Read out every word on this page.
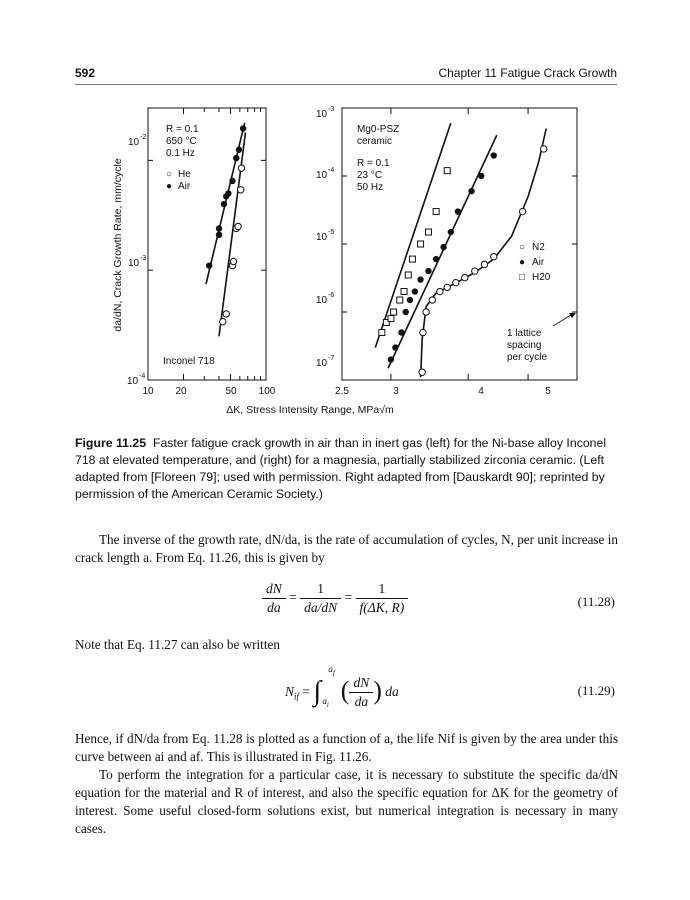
592	Chapter 11 Fatigue Crack Growth
da/dN, Crack Growth Rate, mm/cycle
10 -2
10 -3
10 -4
10 20	50 100
R = 0.1
650 °C
0.1 Hz
○ He
● Air
Inconel 718
10 -3
10 -4
10 -5
10 -6
10 -7
2.5	3	4	5
Mg0-PSZ
ceramic
R = 0.1
23 °C
50 Hz
○ N2
● Air
□ H20
1 lattice
spacing
per cycle
ΔK, Stress Intensity Range, MPa√m
Figure 11.25 Faster fatigue crack growth in air than in inert gas (left) for the Ni-base alloy Inconel 718 at elevated temperature, and (right) for a magnesia, partially stabilized zirconia ceramic. (Left adapted from [Floreen 79]; used with permission. Right adapted from [Dauskardt 90]; reprinted by permission of the American Ceramic Society.)
The inverse of the growth rate, dN/da, is the rate of accumulation of cycles, N, per unit increase in crack length a. From Eq. 11.26, this is given by
$\frac{dN}{da} = \frac{1}{da/dN} = \frac{1}{f(\Delta K, R)}$	(11.28)
Note that Eq. 11.27 can also be written
$N_{if}$ = ∫
$a_f$
$a_i$ ( $\frac{dN}{da}$ ) da	(11.29)
Hence, if dN/da from Eq. 11.28 is plotted as a function of a, the life Nif is given by the area under this curve between ai and af. This is illustrated in Fig. 11.26.
To perform the integration for a particular case, it is necessary to substitute the specific da/dN equation for the material and R of interest, and also the specific equation for ΔK for the geometry of interest. Some useful closed-form solutions exist, but numerical integration is necessary in many cases.
